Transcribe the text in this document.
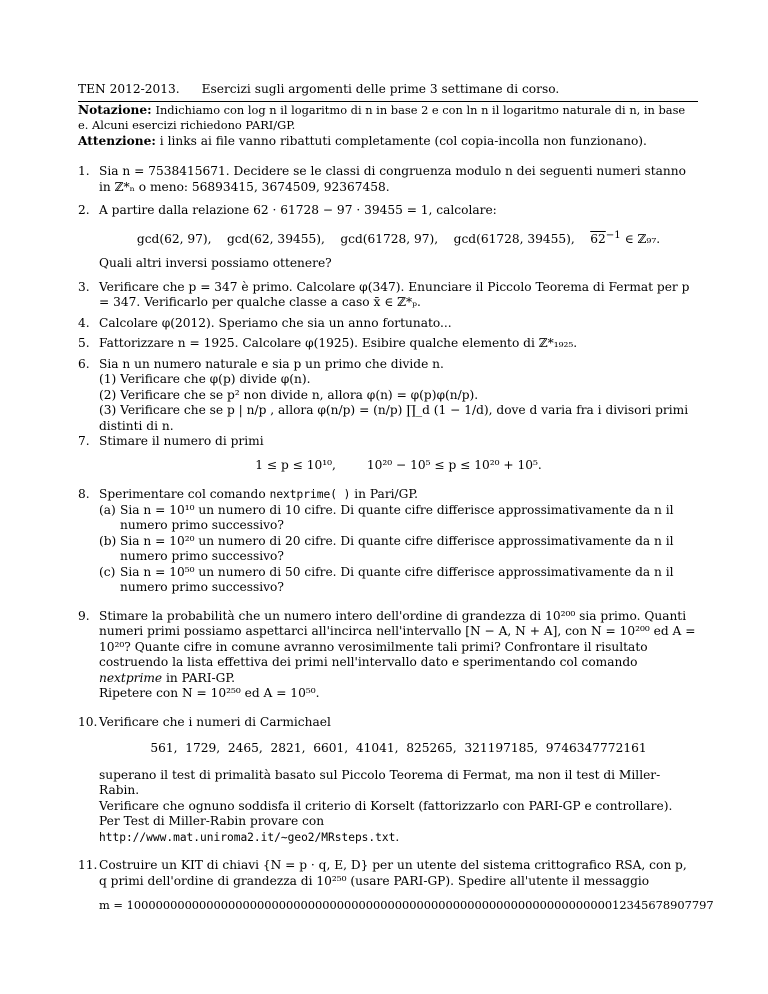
TEN 2012-2013. Esercizi sugli argomenti delle prime 3 settimane di corso.
Notazione: Indichiamo con log n il logaritmo di n in base 2 e con ln n il logaritmo naturale di n, in base e. Alcuni esercizi richiedono PARI/GP.
Attenzione: i links ai file vanno ribattuti completamente (col copia-incolla non funzionano).
1. Sia n = 7538415671. Decidere se le classi di congruenza modulo n dei seguenti numeri stanno in ℤ*ₙ o meno: 56893415, 3674509, 92367458.
2. A partire dalla relazione 62 · 61728 − 97 · 39455 = 1, calcolare:
gcd(62, 97),    gcd(62, 39455),    gcd(61728, 97),    gcd(61728, 39455),    $62^{-1}$ ∈ ℤ₉₇.
Quali altri inversi possiamo ottenere?
3. Verificare che p = 347 è primo. Calcolare φ(347). Enunciare il Piccolo Teorema di Fermat per p = 347. Verificarlo per qualche classe a caso x̄ ∈ ℤ*ₚ.
4. Calcolare φ(2012). Speriamo che sia un anno fortunato...
5. Fattorizzare n = 1925. Calcolare φ(1925). Esibire qualche elemento di ℤ*₁₉₂₅.
6. Sia n un numero naturale e sia p un primo che divide n.
(1) Verificare che φ(p) divide φ(n).
(2) Verificare che se p² non divide n, allora φ(n) = φ(p)φ(n/p).
(3) Verificare che se p | n/p , allora φ(n/p) = (n/p) ∏_d (1 − 1/d), dove d varia fra i divisori primi distinti di n.
7. Stimare il numero di primi
1 ≤ p ≤ 10¹⁰,        10²⁰ − 10⁵ ≤ p ≤ 10²⁰ + 10⁵.
8. Sperimentare col comando nextprime( ) in Pari/GP.
(a) Sia n = 10¹⁰ un numero di 10 cifre. Di quante cifre differisce approssimativamente da n il numero primo successivo?
(b) Sia n = 10²⁰ un numero di 20 cifre. Di quante cifre differisce approssimativamente da n il numero primo successivo?
(c) Sia n = 10⁵⁰ un numero di 50 cifre. Di quante cifre differisce approssimativamente da n il numero primo successivo?
9. Stimare la probabilità che un numero intero dell'ordine di grandezza di 10²⁰⁰ sia primo. Quanti numeri primi possiamo aspettarci all'incirca nell'intervallo [N − A, N + A], con N = 10²⁰⁰ ed A = 10²⁰? Quante cifre in comune avranno verosimilmente tali primi? Confrontare il risultato costruendo la lista effettiva dei primi nell'intervallo dato e sperimentando col comando nextprime in PARI-GP.
Ripetere con N = 10²⁵⁰ ed A = 10⁵⁰.
10. Verificare che i numeri di Carmichael
561,  1729,  2465,  2821,  6601,  41041,  825265,  321197185,  9746347772161
superano il test di primalità basato sul Piccolo Teorema di Fermat, ma non il test di Miller-Rabin.
Verificare che ognuno soddisfa il criterio di Korselt (fattorizzarlo con PARI-GP e controllare).
Per Test di Miller-Rabin provare con
http://www.mat.uniroma2.it/∼geo2/MRsteps.txt.
11. Costruire un KIT di chiavi {N = p · q, E, D} per un utente del sistema crittografico RSA, con p, q primi dell'ordine di grandezza di 10²⁵⁰ (usare PARI-GP). Spedire all'utente il messaggio
m = 100000000000000000000000000000000000000000000000000000000000000000012345678907797
